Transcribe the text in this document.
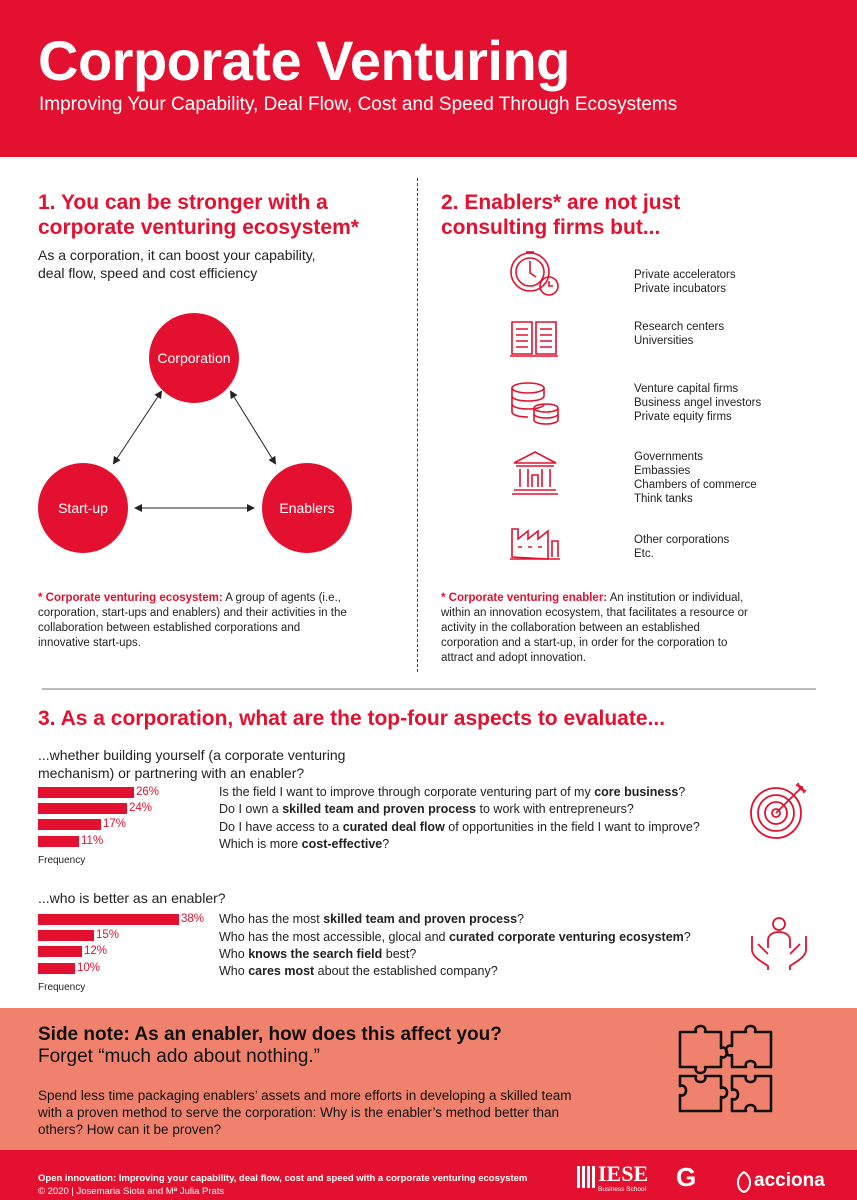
Corporate Venturing
Improving Your Capability, Deal Flow, Cost and Speed Through Ecosystems
1. You can be stronger with a
corporate venturing ecosystem*
As a corporation, it can boost your capability,
deal flow, speed and cost efficiency
Corporation
Start-up	Enablers
* Corporate venturing ecosystem: A group of agents (i.e.,
corporation, start-ups and enablers) and their activities in the
collaboration between established corporations and
innovative start-ups.
2. Enablers* are not just
consulting firms but...
Private accelerators
Private incubators
Research centers
Universities
Venture capital firms
Business angel investors
Private equity firms
Governments
Embassies
Chambers of commerce
Think tanks
Other corporations
Etc.
* Corporate venturing enabler: An institution or individual,
within an innovation ecosystem, that facilitates a resource or
activity in the collaboration between an established
corporation and a start-up, in order for the corporation to
attract and adopt innovation.
3. As a corporation, what are the top-four aspects to evaluate...
...whether building yourself (a corporate venturing
mechanism) or partnering with an enabler?
26%
24%
17%
11%
Frequency
Is the field I want to improve through corporate venturing part of my core business?
Do I own a skilled team and proven process to work with entrepreneurs?
Do I have access to a curated deal flow of opportunities in the field I want to improve?
Which is more cost-effective?
...who is better as an enabler?
38%
15%
12%
10%
Frequency
Who has the most skilled team and proven process?
Who has the most accessible, glocal and curated corporate venturing ecosystem?
Who knows the search field best?
Who cares most about the established company?
Side note: As an enabler, how does this affect you?
Forget “much ado about nothing.”
Spend less time packaging enablers’ assets and more efforts in developing a skilled team
with a proven method to serve the corporation: Why is the enabler’s method better than
others? How can it be proven?
Open innovation: Improving your capability, deal flow, cost and speed with a corporate venturing ecosystem
© 2020 | Josemaria Siota and Mª Julia Prats
IESE
Business School G	acciona
